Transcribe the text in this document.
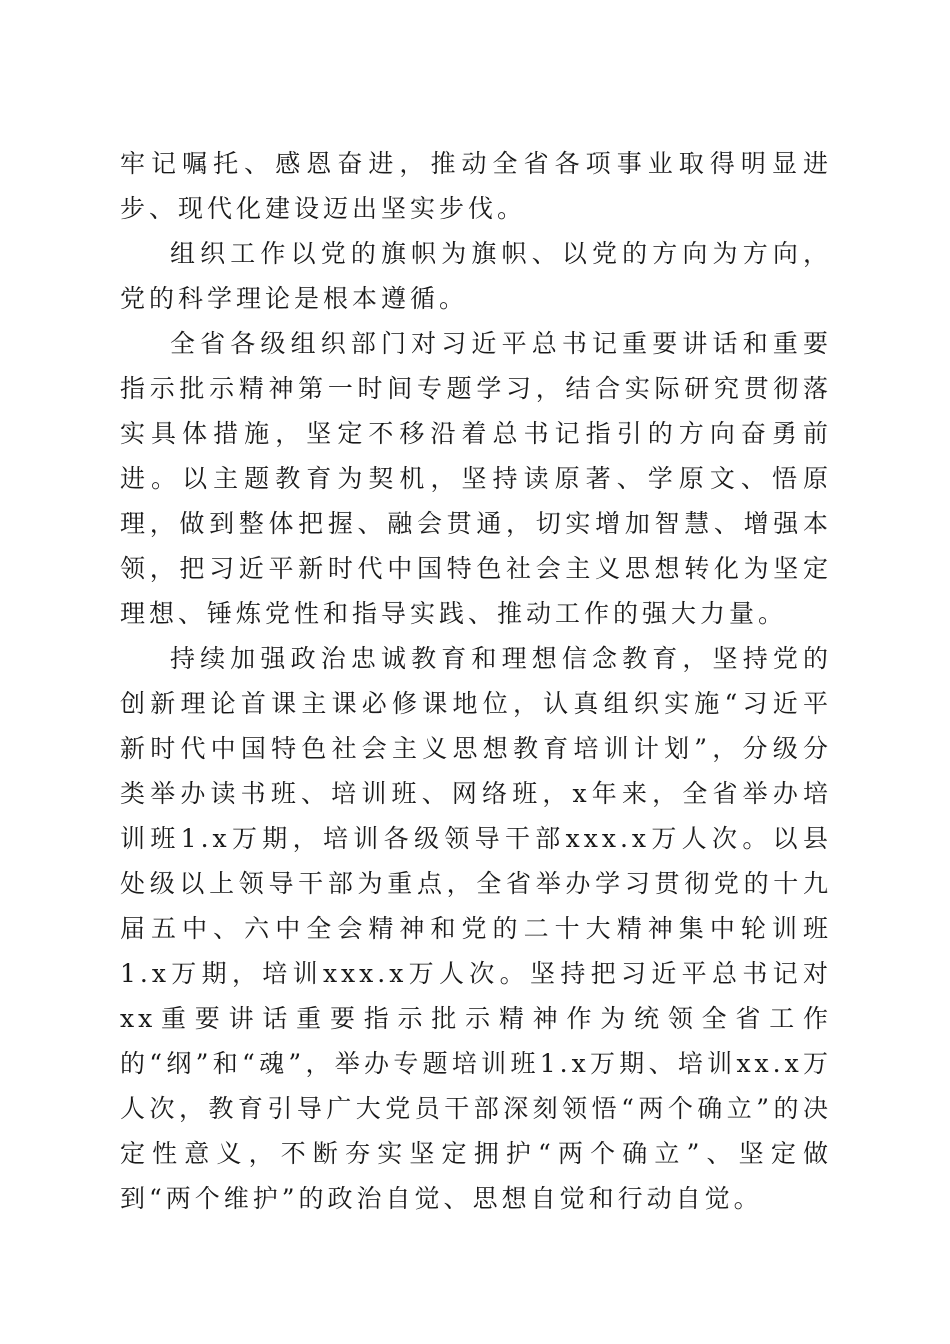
牢记嘱托、感恩奋进，推动全省各项事业取得明显进步、现代化建设迈出坚实步伐。

组织工作以党的旗帜为旗帜、以党的方向为方向，党的科学理论是根本遵循。

全省各级组织部门对习近平总书记重要讲话和重要指示批示精神第一时间专题学习，结合实际研究贯彻落实具体措施，坚定不移沿着总书记指引的方向奋勇前进。以主题教育为契机，坚持读原著、学原文、悟原理，做到整体把握、融会贯通，切实增加智慧、增强本领，把习近平新时代中国特色社会主义思想转化为坚定理想、锤炼党性和指导实践、推动工作的强大力量。

持续加强政治忠诚教育和理想信念教育，坚持党的创新理论首课主课必修课地位，认真组织实施“习近平新时代中国特色社会主义思想教育培训计划”，分级分类举办读书班、培训班、网络班，x年来，全省举办培训班1.x万期，培训各级领导干部xxx.x万人次。以县处级以上领导干部为重点，全省举办学习贯彻党的十九届五中、六中全会精神和党的二十大精神集中轮训班1.x万期，培训xxx.x万人次。坚持把习近平总书记对xx重要讲话重要指示批示精神作为统领全省工作的“纲”和“魂”，举办专题培训班1.x万期、培训xx.x万人次，教育引导广大党员干部深刻领悟“两个确立”的决定性意义，不断夯实坚定拥护“两个确立”、坚定做到“两个维护”的政治自觉、思想自觉和行动自觉。
